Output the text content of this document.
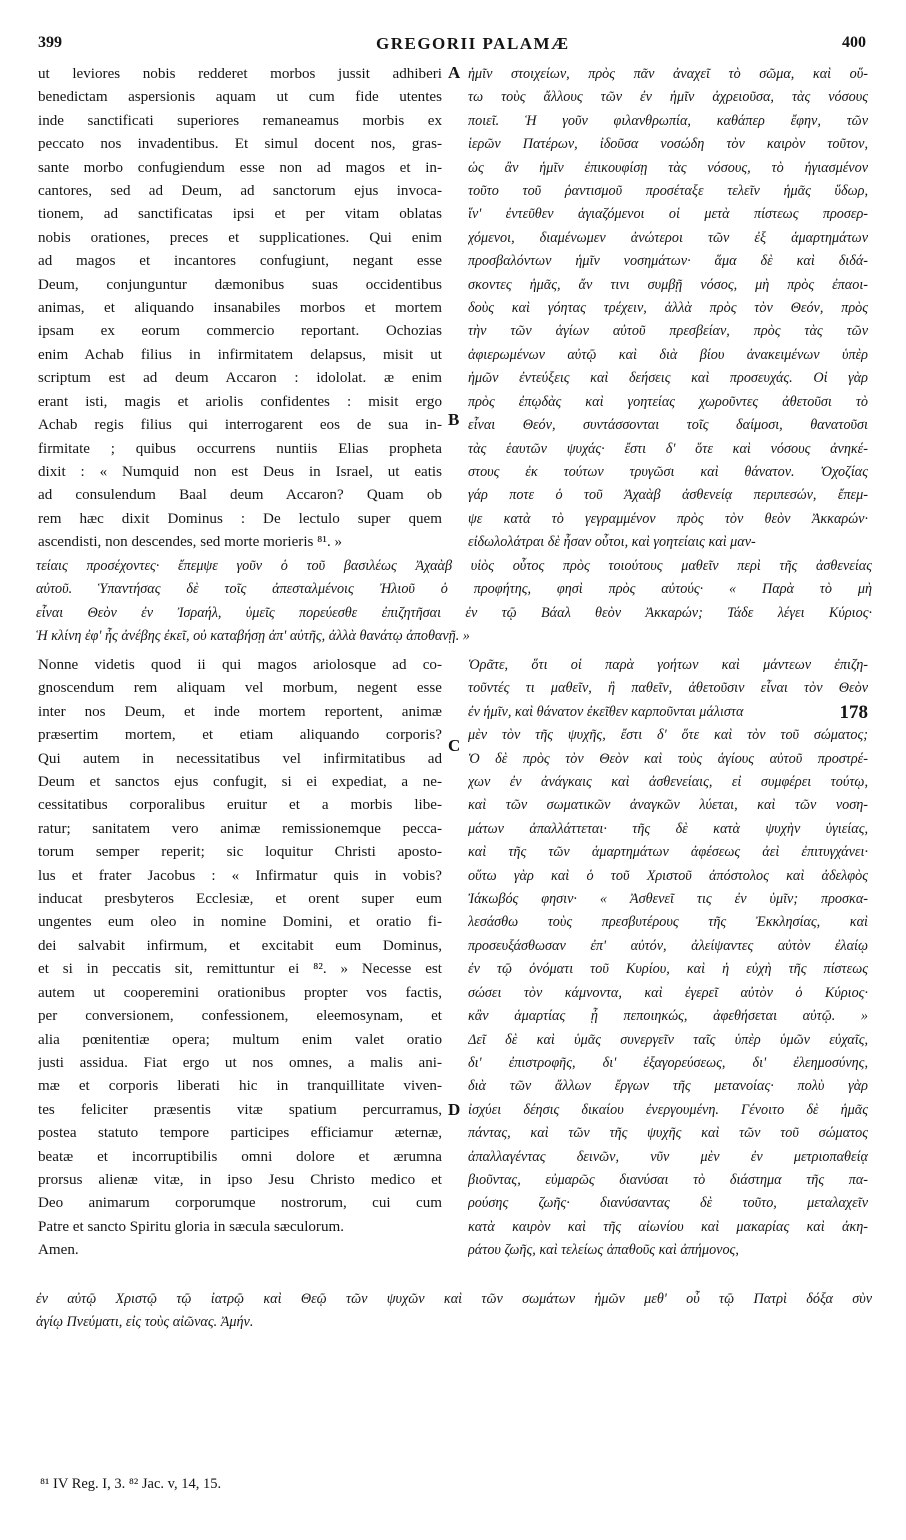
399	GREGORII PALAMÆ	400
A
B
C
D
ut leviores nobis redderet morbos jussit adhiberi
benedictam aspersionis aquam ut cum fide utentes
inde sanctificati superiores remaneamus morbis ex
peccato nos invadentibus. Et simul docent nos, gras-
sante morbo confugiendum esse non ad magos et in-
cantores, sed ad Deum, ad sanctorum ejus invoca-
tionem, ad sanctificatas ipsi et per vitam oblatas
nobis orationes, preces et supplicationes. Qui enim
ad magos et incantores confugiunt, negant esse
Deum, conjunguntur dæmonibus suas occidentibus
animas, et aliquando insanabiles morbos et mortem
ipsam ex eorum commercio reportant. Ochozias
enim Achab filius in infirmitatem delapsus, misit ut
scriptum est ad deum Accaron : idololat. æ enim
erant isti, magis et ariolis confidentes : misit ergo
Achab regis filius qui interrogarent eos de sua in-
firmitate ; quibus occurrens nuntiis Elias propheta
dixit : « Numquid non est Deus in Israel, ut eatis
ad consulendum Baal deum Accaron? Quam ob
rem hæc dixit Dominus : De lectulo super quem
ascendisti, non descendes, sed morte morieris ⁸¹. »
ἡμῖν στοιχείων, πρὸς πᾶν ἀναχεῖ τὸ σῶμα, καὶ οὕ-
τω τοὺς ἄλλους τῶν ἐν ἡμῖν ἀχρειοῦσα, τὰς νόσους
ποιεῖ. Ἡ γοῦν φιλανθρωπία, καθάπερ ἔφην, τῶν
ἱερῶν Πατέρων, ἰδοῦσα νοσώδη τὸν καιρὸν τοῦτον,
ὡς ἂν ἡμῖν ἐπικουφίσῃ τὰς νόσους, τὸ ἡγιασμένον
τοῦτο τοῦ ῥαντισμοῦ προσέταξε τελεῖν ἡμᾶς ὕδωρ,
ἵν' ἐντεῦθεν ἁγιαζόμενοι οἱ μετὰ πίστεως προσερ-
χόμενοι, διαμένωμεν ἀνώτεροι τῶν ἐξ ἁμαρτημάτων
προσβαλόντων ἡμῖν νοσημάτων· ἅμα δὲ καὶ διδά-
σκοντες ἡμᾶς, ἄν τινι συμβῇ νόσος, μὴ πρὸς ἐπαοι-
δοὺς καὶ γόητας τρέχειν, ἀλλὰ πρὸς τὸν Θεόν, πρὸς
τὴν τῶν ἁγίων αὐτοῦ πρεσβείαν, πρὸς τὰς τῶν
ἀφιερωμένων αὐτῷ καὶ διὰ βίου ἀνακειμένων ὑπὲρ
ἡμῶν ἐντεύξεις καὶ δεήσεις καὶ προσευχάς. Οἱ γὰρ
πρὸς ἐπῳδὰς καὶ γοητείας χωροῦντες ἀθετοῦσι τὸ
εἶναι Θεόν, συντάσσονται τοῖς δαίμοσι, θανατοῦσι
τὰς ἑαυτῶν ψυχάς· ἔστι δ' ὅτε καὶ νόσους ἀνηκέ-
στους ἐκ τούτων τρυγῶσι καὶ θάνατον. Ὀχοζίας
γάρ ποτε ὁ τοῦ Ἀχαὰβ ἀσθενείᾳ περιπεσών, ἔπεμ-
ψε κατὰ τὸ γεγραμμένον πρὸς τὸν θεὸν Ἀκκαρών·
εἰδωλολάτραι δὲ ἦσαν οὗτοι, καὶ γοητείαις καὶ μαν-
τείαις προσέχοντες· ἔπεμψε γοῦν ὁ τοῦ βασιλέως Ἀχαὰβ υἱὸς οὗτος πρὸς τοιούτους μαθεῖν περὶ τῆς ἀσθενείας
αὐτοῦ. Ὑπαντήσας δὲ τοῖς ἀπεσταλμένοις Ἠλιοῦ ὁ προφήτης, φησὶ πρὸς αὐτούς· « Παρὰ τὸ μὴ
εἶναι Θεὸν ἐν Ἰσραήλ, ὑμεῖς πορεύεσθε ἐπιζητῆσαι ἐν τῷ Βάαλ θεὸν Ἀκκαρών; Τάδε λέγει Κύριος·
Ἡ κλίνη ἐφ' ἧς ἀνέβης ἐκεῖ, οὐ καταβήσῃ ἀπ' αὐτῆς, ἀλλὰ θανάτῳ ἀποθανῇ. »
Nonne videtis quod ii qui magos ariolosque ad co-
gnoscendum rem aliquam vel morbum, negent esse
inter nos Deum, et inde mortem reportent, animæ
præsertim mortem, et etiam aliquando corporis?
Qui autem in necessitatibus vel infirmitatibus ad
Deum et sanctos ejus confugit, si ei expediat, a ne-
cessitatibus corporalibus eruitur et a morbis libe-
ratur; sanitatem vero animæ remissionemque pecca-
torum semper reperit; sic loquitur Christi aposto-
lus et frater Jacobus : « Infirmatur quis in vobis?
inducat presbyteros Ecclesiæ, et orent super eum
ungentes eum oleo in nomine Domini, et oratio fi-
dei salvabit infirmum, et excitabit eum Dominus,
et si in peccatis sit, remittuntur ei ⁸². » Necesse est
autem ut cooperemini orationibus propter vos factis,
per conversionem, confessionem, eleemosynam, et
alia pœnitentiæ opera; multum enim valet oratio
justi assidua. Fiat ergo ut nos omnes, a malis ani-
mæ et corporis liberati hic in tranquillitate viven-
tes feliciter præsentis vitæ spatium percurramus,
postea statuto tempore participes efficiamur æternæ,
beatæ et incorruptibilis omni dolore et ærumna
prorsus alienæ vitæ, in ipso Jesu Christo medico et
Deo animarum corporumque nostrorum, cui cum
Patre et sancto Spiritu gloria in sæcula sæculorum.
Amen.
Ὁρᾶτε, ὅτι οἱ παρὰ γοήτων καὶ μάντεων ἐπιζη-
τοῦντές τι μαθεῖν, ἢ παθεῖν, ἀθετοῦσιν εἶναι τὸν Θεὸν
ἐν ἡμῖν, καὶ θάνατον ἐκεῖθεν καρποῦνται μάλιστα	178
μὲν τὸν τῆς ψυχῆς, ἔστι δ' ὅτε καὶ τὸν τοῦ σώματος;
Ὁ δὲ πρὸς τὸν Θεὸν καὶ τοὺς ἁγίους αὐτοῦ προστρέ-
χων ἐν ἀνάγκαις καὶ ἀσθενείαις, εἰ συμφέρει τούτῳ,
καὶ τῶν σωματικῶν ἀναγκῶν λύεται, καὶ τῶν νοση-
μάτων ἀπαλλάττεται· τῆς δὲ κατὰ ψυχὴν ὑγιείας,
καὶ τῆς τῶν ἁμαρτημάτων ἀφέσεως ἀεὶ ἐπιτυγχάνει·
οὕτω γὰρ καὶ ὁ τοῦ Χριστοῦ ἀπόστολος καὶ ἀδελφὸς
Ἰάκωβός φησιν· « Ἀσθενεῖ τις ἐν ὑμῖν; προσκα-
λεσάσθω τοὺς πρεσβυτέρους τῆς Ἐκκλησίας, καὶ
προσευξάσθωσαν ἐπ' αὐτόν, ἀλείψαντες αὐτὸν ἐλαίῳ
ἐν τῷ ὀνόματι τοῦ Κυρίου, καὶ ἡ εὐχὴ τῆς πίστεως
σώσει τὸν κάμνοντα, καὶ ἐγερεῖ αὐτὸν ὁ Κύριος·
κἂν ἁμαρτίας ᾖ πεποιηκώς, ἀφεθήσεται αὐτῷ. »
Δεῖ δὲ καὶ ὑμᾶς συνεργεῖν ταῖς ὑπὲρ ὑμῶν εὐχαῖς,
δι' ἐπιστροφῆς, δι' ἐξαγορεύσεως, δι' ἐλεημοσύνης,
διὰ τῶν ἄλλων ἔργων τῆς μετανοίας· πολὺ γὰρ
ἰσχύει δέησις δικαίου ἐνεργουμένη. Γένοιτο δὲ ἡμᾶς
πάντας, καὶ τῶν τῆς ψυχῆς καὶ τῶν τοῦ σώματος
ἀπαλλαγέντας δεινῶν, νῦν μὲν ἐν μετριοπαθείᾳ
βιοῦντας, εὐμαρῶς διανύσαι τὸ διάστημα τῆς πα-
ρούσης ζωῆς· διανύσαντας δὲ τοῦτο, μεταλαχεῖν
κατὰ καιρὸν καὶ τῆς αἰωνίου καὶ μακαρίας καὶ ἀκη-
ράτου ζωῆς, καὶ τελείως ἀπαθοῦς καὶ ἀπήμονος,
ἐν αὐτῷ Χριστῷ τῷ ἰατρῷ καὶ Θεῷ τῶν ψυχῶν καὶ τῶν σωμάτων ἡμῶν μεθ' οὗ τῷ Πατρὶ δόξα σὺν
ἁγίῳ Πνεύματι, εἰς τοὺς αἰῶνας. Ἀμήν.
⁸¹ IV Reg. I, 3. ⁸² Jac. v, 14, 15.
